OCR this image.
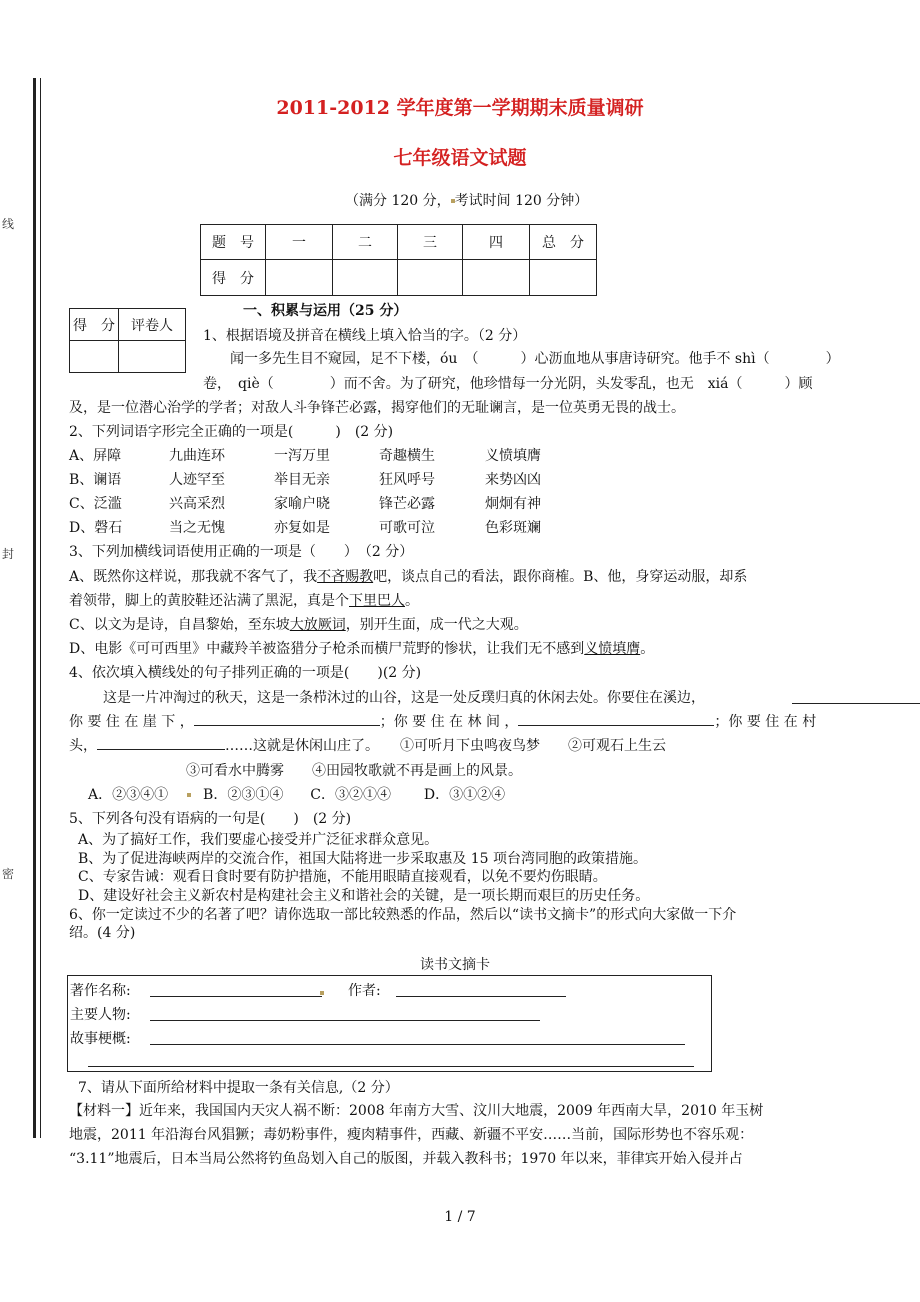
线
封
密
2011-2012 学年度第一学期期末质量调研
七年级语文试题
（满分 120 分， 考试时间 120 分钟）
题　号	一	二	三	四	总　分
得　分					
得　分	评卷人

一、积累与运用（25 分）
1、根据语境及拼音在横线上填入恰当的字。（2 分）
闻一多先生目不窥园，足不下楼，óu　（　　　）心沥血地从事唐诗研究。他手不 shì（　　　　）
卷，　qiè（　　　　）而不舍。为了研究，他珍惜每一分光阴，头发零乱，也无　xiá（　　　）顾
及，是一位潜心治学的学者；对敌人斗争锋芒必露，揭穿他们的无耻谰言，是一位英勇无畏的战士。
2、下列词语字形完全正确的一项是(　　　)　(2 分)
A、屏障	九曲连环	一泻万里	奇趣横生	义愤填膺
B、谰语	人迹罕至	举目无亲	狂风呼号	来势凶凶
C、泛滥	兴高采烈	家喻户晓	锋芒必露	炯炯有神
D、磬石	当之无愧	亦复如是	可歌可泣	色彩斑斓
3、下列加横线词语使用正确的一项是（　　）　（2 分）
A、既然你这样说，那我就不客气了，我不吝赐教吧，谈点自己的看法，跟你商榷。B、他，身穿运动服，却系
着领带，脚上的黄胶鞋还沾满了黑泥，真是个下里巴人。
C、以文为是诗，自昌黎始，至东坡大放厥词，别开生面，成一代之大观。
D、电影《可可西里》中藏羚羊被盗猎分子枪杀而横尸荒野的惨状，让我们无不感到义愤填膺。
4、依次填入横线处的句子排列正确的一项是(　　)(2 分)
这是一片冲淘过的秋天，这是一条栉沐过的山谷，这是一处反璞归真的休闲去处。你要住在溪边，
你 要 住 在 崖 下 ，	；你 要 住 在 林 间 ，	；你 要 住 在 村
头，	……这就是休闲山庄了。　　①可听月下虫鸣夜鸟梦　　②可观石上生云
③可看水中腾雾　　④田园牧歌就不再是画上的风景。
A．②③④① B．②③①④ C．③②①④ D．③①②④
5、下列各句没有语病的一句是(　　)　(2 分)
A、为了搞好工作，我们要虚心接受并广泛征求群众意见。
B、为了促进海峡两岸的交流合作，祖国大陆将进一步采取惠及 15 项台湾同胞的政策措施。
C、专家告诫：观看日食时要有防护措施，不能用眼睛直接观看，以免不要灼伤眼睛。
D、建设好社会主义新农村是构建社会主义和谐社会的关键，是一项长期而艰巨的历史任务。
6、你一定读过不少的名著了吧？请你选取一部比较熟悉的作品，然后以“读书文摘卡”的形式向大家做一下介
绍。(4 分)
读书文摘卡
著作名称:	作者:
主要人物:
故事梗概:
7、请从下面所给材料中提取一条有关信息,（2 分）
【材料一】近年来，我国国内天灾人祸不断：2008 年南方大雪、汶川大地震，2009 年西南大旱，2010 年玉树
地震，2011 年沿海台风猖獗；毒奶粉事件，瘦肉精事件，西藏、新疆不平安……当前，国际形势也不容乐观：
“3.11”地震后，日本当局公然将钓鱼岛划入自己的版图，并载入教科书；1970 年以来，菲律宾开始入侵并占
1 / 7
